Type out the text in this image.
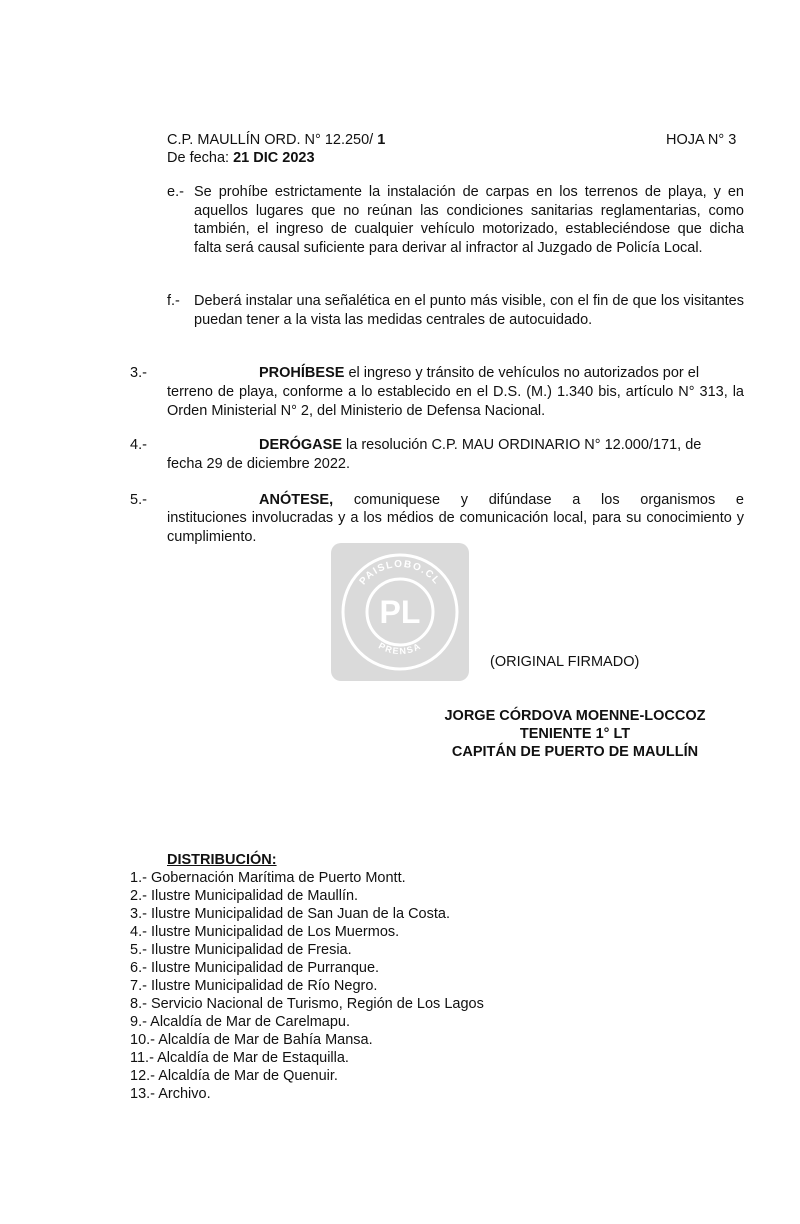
C.P. MAULLÍN ORD. N° 12.250/ 1	HOJA N° 3
De fecha: 21 DIC 2023
e.- Se prohíbe estrictamente la instalación de carpas en los terrenos de playa, y en aquellos lugares que no reúnan las condiciones sanitarias reglamentarias, como también, el ingreso de cualquier vehículo motorizado, estableciéndose que dicha falta será causal suficiente para derivar al infractor al Juzgado de Policía Local.
f.- Deberá instalar una señalética en el punto más visible, con el fin de que los visitantes puedan tener a la vista las medidas centrales de autocuidado.
3.-	PROHÍBESE el ingreso y tránsito de vehículos no autorizados por el
terreno de playa, conforme a lo establecido en el D.S. (M.) 1.340 bis, artículo N° 313, la Orden Ministerial N° 2, del Ministerio de Defensa Nacional.
4.-	DERÓGASE la resolución C.P. MAU ORDINARIO N° 12.000/171, de
fecha 29 de diciembre 2022.
5.-	ANÓTESE, comuniquese y difúndase a los organismos e
instituciones involucradas y a los médios de comunicación local, para su conocimiento y cumplimiento.
PL
PAISLOBO.CL
PRENSA
(ORIGINAL FIRMADO)
JORGE CÓRDOVA MOENNE-LOCCOZ
TENIENTE 1° LT
CAPITÁN DE PUERTO DE MAULLÍN
DISTRIBUCIÓN:
1.- Gobernación Marítima de Puerto Montt.
2.- Ilustre Municipalidad de Maullín.
3.- Ilustre Municipalidad de San Juan de la Costa.
4.- Ilustre Municipalidad de Los Muermos.
5.- Ilustre Municipalidad de Fresia.
6.- Ilustre Municipalidad de Purranque.
7.- Ilustre Municipalidad de Río Negro.
8.- Servicio Nacional de Turismo, Región de Los Lagos
9.- Alcaldía de Mar de Carelmapu.
10.- Alcaldía de Mar de Bahía Mansa.
11.- Alcaldía de Mar de Estaquilla.
12.- Alcaldía de Mar de Quenuir.
13.- Archivo.
